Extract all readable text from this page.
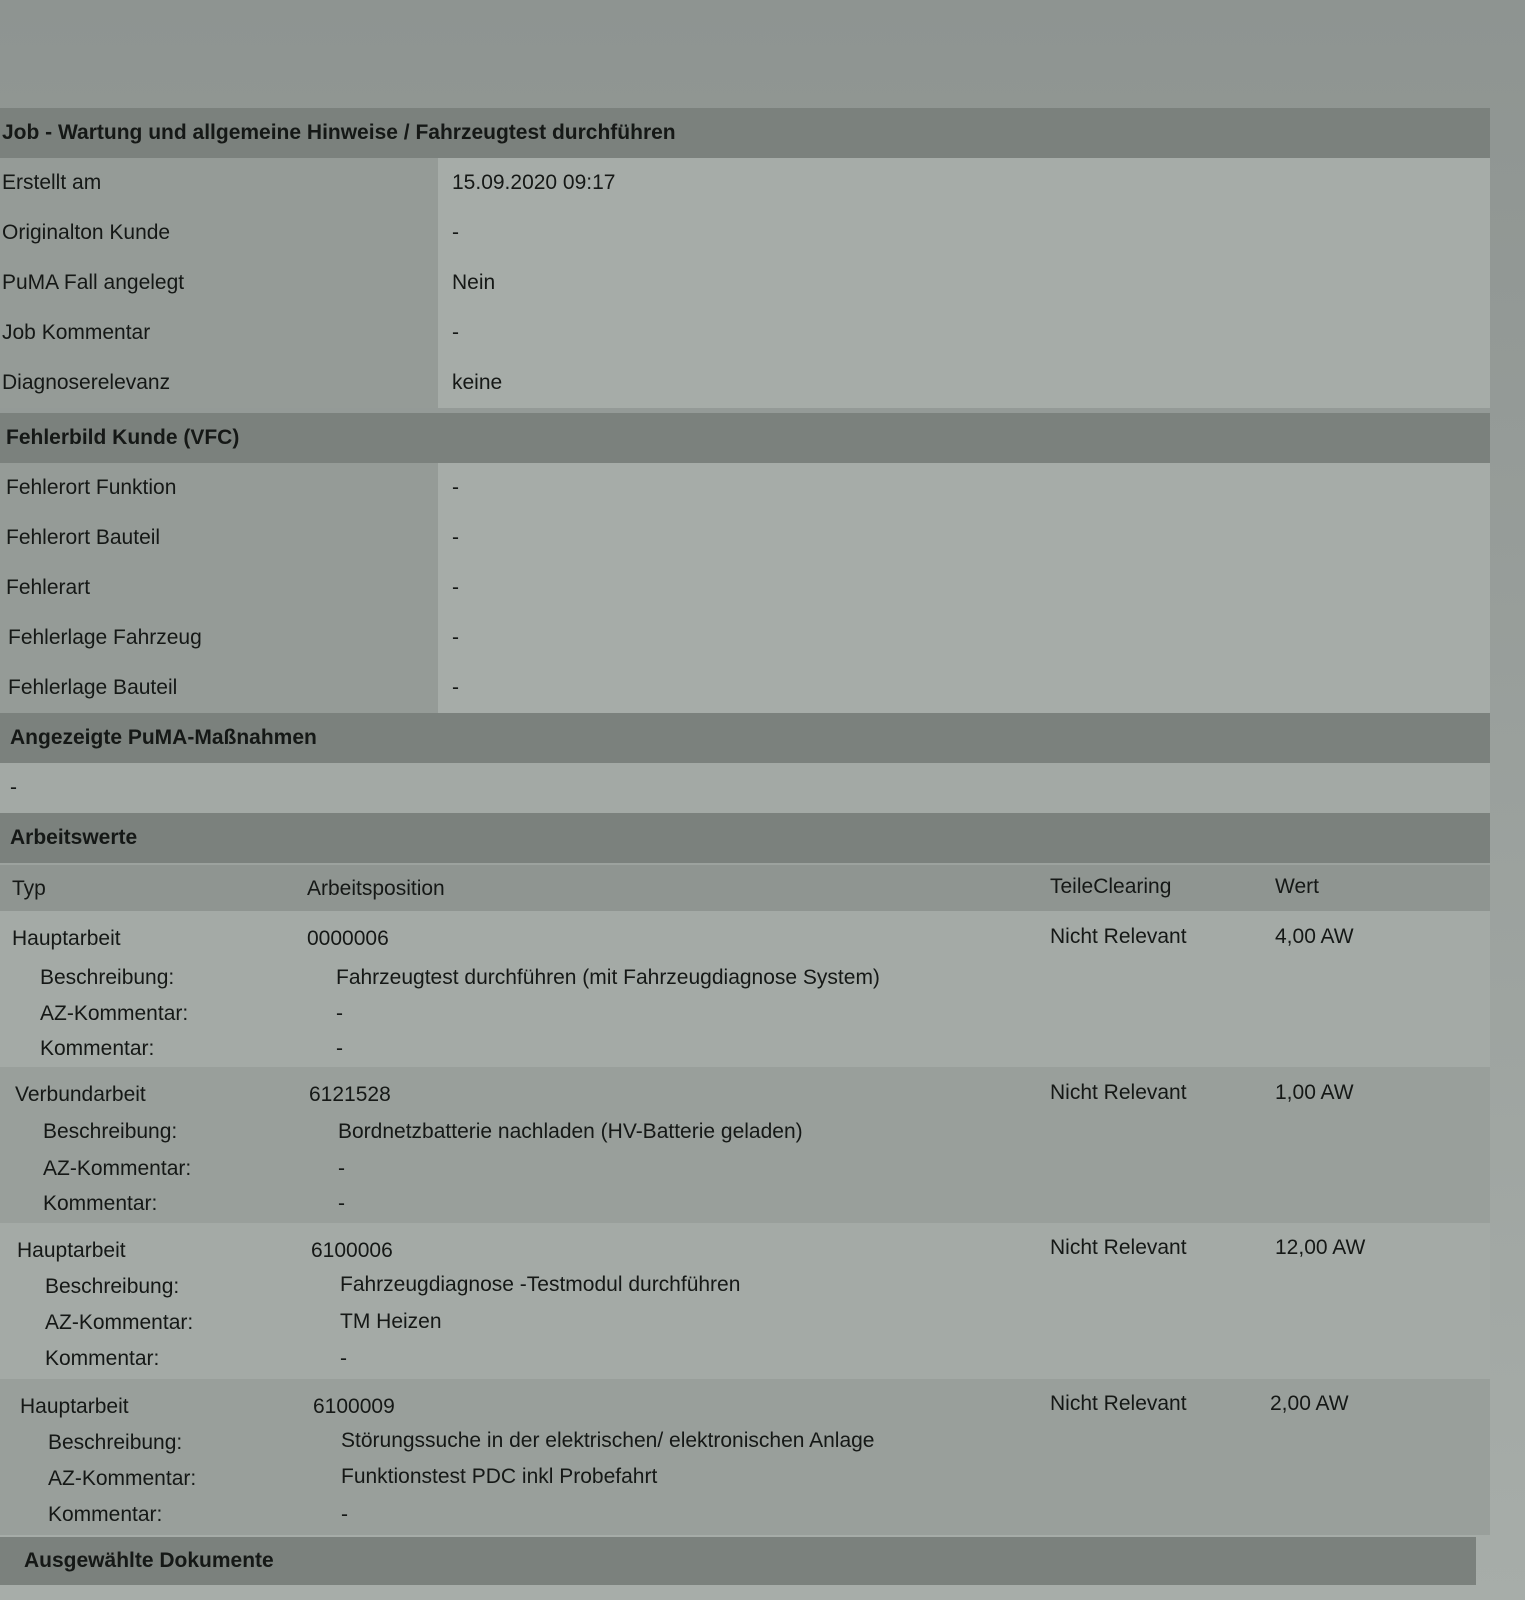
Job - Wartung und allgemeine Hinweise / Fahrzeugtest durchführen
Erstellt am	15.09.2020 09:17
Originalton Kunde	-
PuMA Fall angelegt	Nein
Job Kommentar	-
Diagnoserelevanz	keine
Fehlerbild Kunde (VFC)
Fehlerort Funktion	-
Fehlerort Bauteil	-
Fehlerart	-
Fehlerlage Fahrzeug	-
Fehlerlage Bauteil	-
Angezeigte PuMA-Maßnahmen
-
Arbeitswerte
Typ	Arbeitsposition	TeileClearing	Wert
Hauptarbeit	0000006	Nicht Relevant	4,00 AW
Beschreibung:	Fahrzeugtest durchführen (mit Fahrzeugdiagnose System)
AZ-Kommentar:	-
Kommentar:	-
Verbundarbeit	6121528	Nicht Relevant	1,00 AW
Beschreibung:	Bordnetzbatterie nachladen (HV-Batterie geladen)
AZ-Kommentar:	-
Kommentar:	-
Hauptarbeit	6100006	Nicht Relevant	12,00 AW
Beschreibung:	Fahrzeugdiagnose -Testmodul durchführen
AZ-Kommentar:	TM Heizen
Kommentar:	-
Hauptarbeit	6100009	Nicht Relevant	2,00 AW
Beschreibung:	Störungssuche in der elektrischen/ elektronischen Anlage
AZ-Kommentar:	Funktionstest PDC inkl Probefahrt
Kommentar:	-
Ausgewählte Dokumente
